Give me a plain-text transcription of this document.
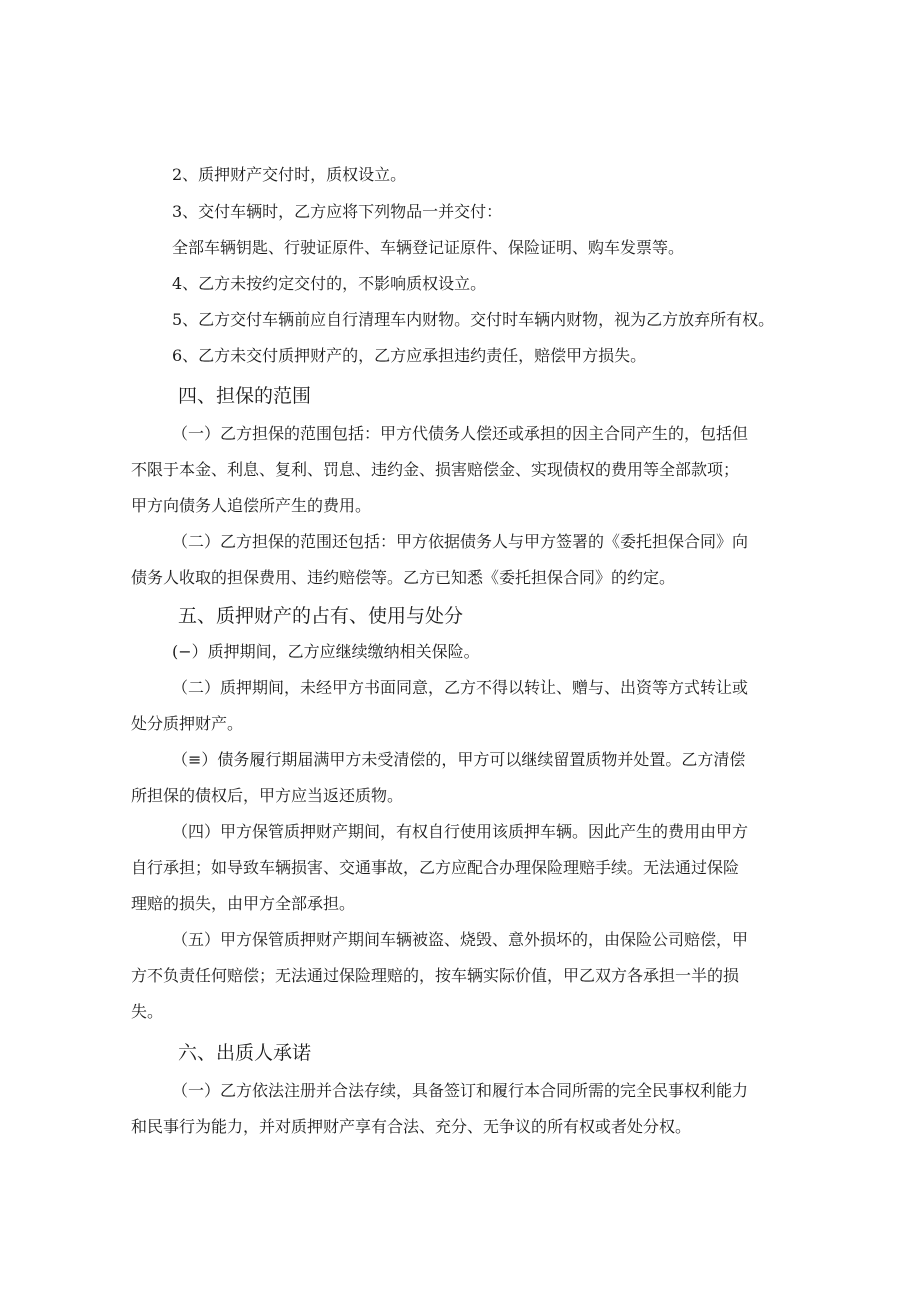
2、质押财产交付时，质权设立。
3、交付车辆时，乙方应将下列物品一并交付：
全部车辆钥匙、行驶证原件、车辆登记证原件、保险证明、购车发票等。
4、乙方未按约定交付的，不影响质权设立。
5、乙方交付车辆前应自行清理车内财物。交付时车辆内财物，视为乙方放弃所有权。
6、乙方未交付质押财产的，乙方应承担违约责任，赔偿甲方损失。
四、担保的范围
（一）乙方担保的范围包括：甲方代债务人偿还或承担的因主合同产生的，包括但
不限于本金、利息、复利、罚息、违约金、损害赔偿金、实现债权的费用等全部款项；
甲方向债务人追偿所产生的费用。
（二）乙方担保的范围还包括：甲方依据债务人与甲方签署的《委托担保合同》向
债务人收取的担保费用、违约赔偿等。乙方已知悉《委托担保合同》的约定。
五、质押财产的占有、使用与处分
(−）质押期间，乙方应继续缴纳相关保险。
（二）质押期间，未经甲方书面同意，乙方不得以转让、赠与、出资等方式转让或
处分质押财产。
（≡）债务履行期届满甲方未受清偿的，甲方可以继续留置质物并处置。乙方清偿
所担保的债权后，甲方应当返还质物。
（四）甲方保管质押财产期间，有权自行使用该质押车辆。因此产生的费用由甲方
自行承担；如导致车辆损害、交通事故，乙方应配合办理保险理赔手续。无法通过保险
理赔的损失，由甲方全部承担。
（五）甲方保管质押财产期间车辆被盗、烧毁、意外损坏的，由保险公司赔偿，甲
方不负责任何赔偿；无法通过保险理赔的，按车辆实际价值，甲乙双方各承担一半的损
失。
六、出质人承诺
（一）乙方依法注册并合法存续，具备签订和履行本合同所需的完全民事权利能力
和民事行为能力，并对质押财产享有合法、充分、无争议的所有权或者处分权。
